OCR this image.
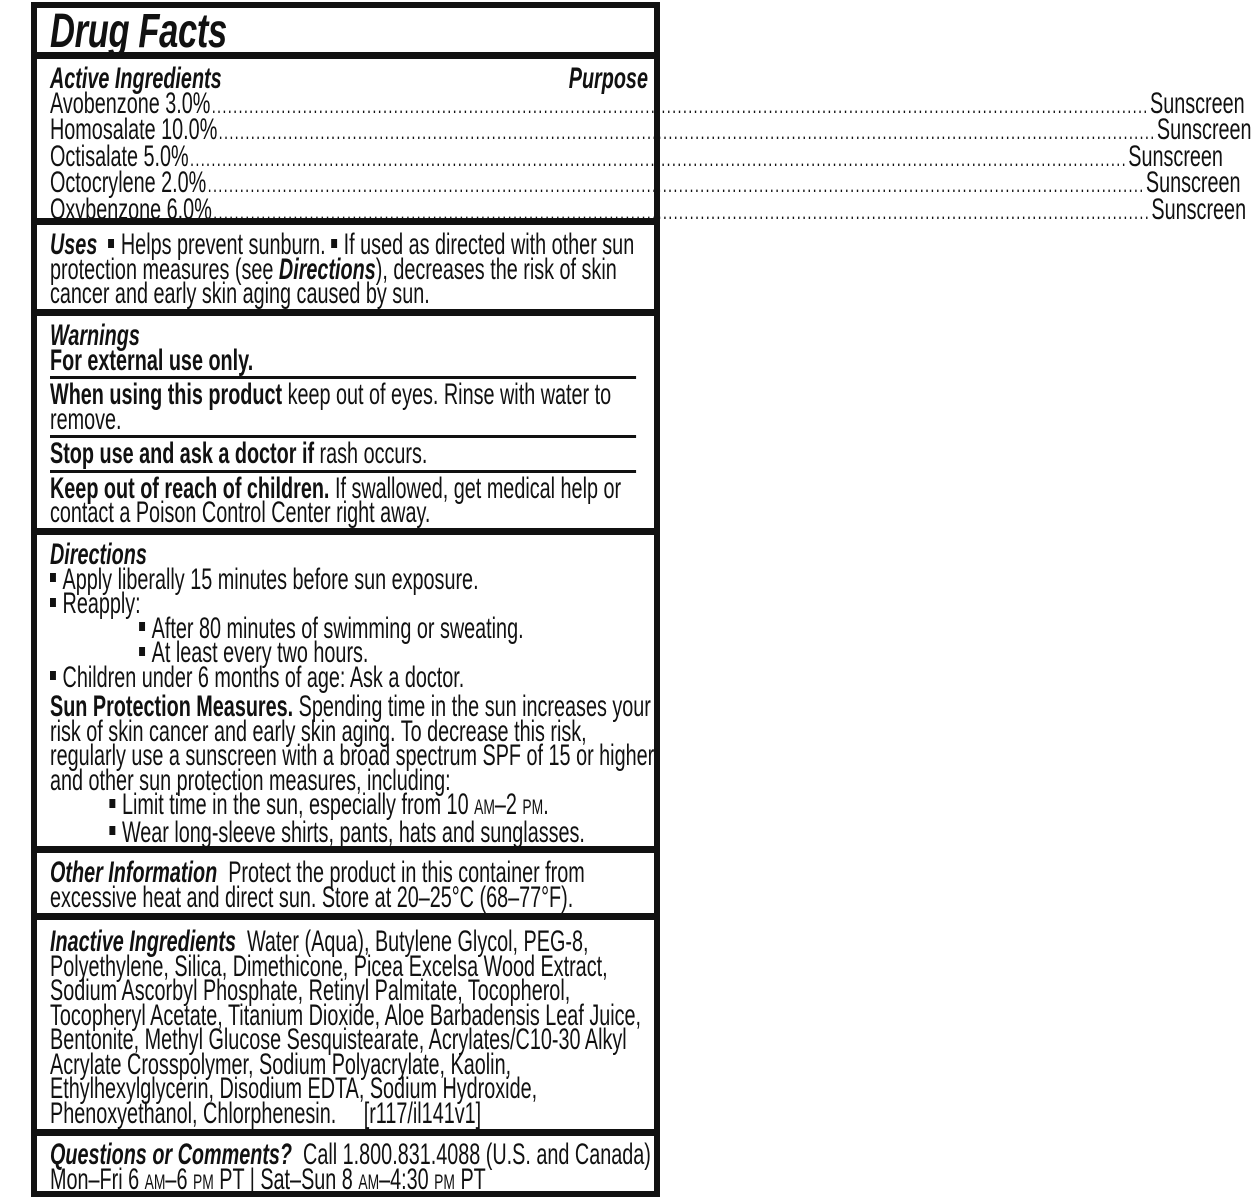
Drug Facts
Active Ingredients	Purpose
Avobenzone 3.0% ............................................................................................................................................................................... Sunscreen
Homosalate 10.0% ............................................................................................................................................................................... Sunscreen
Octisalate 5.0% ............................................................................................................................................................................... Sunscreen
Octocrylene 2.0% ............................................................................................................................................................................... Sunscreen
Oxybenzone 6.0% ............................................................................................................................................................................... Sunscreen
Uses Helps prevent sunburn. If used as directed with other sun
protection measures (see Directions), decreases the risk of skin
cancer and early skin aging caused by sun.
Warnings
For external use only.
When using this product keep out of eyes. Rinse with water to
remove.
Stop use and ask a doctor if rash occurs.
Keep out of reach of children. If swallowed, get medical help or
contact a Poison Control Center right away.
Directions
Apply liberally 15 minutes before sun exposure.
Reapply:
After 80 minutes of swimming or sweating.
At least every two hours.
Children under 6 months of age: Ask a doctor.
Sun Protection Measures. Spending time in the sun increases your
risk of skin cancer and early skin aging. To decrease this risk,
regularly use a sunscreen with a broad spectrum SPF of 15 or higher
and other sun protection measures, including:
Limit time in the sun, especially from 10 AM–2 PM.
Wear long-sleeve shirts, pants, hats and sunglasses.
Other Information Protect the product in this container from
excessive heat and direct sun. Store at 20–25°C (68–77°F).
Inactive Ingredients Water (Aqua), Butylene Glycol, PEG-8,
Polyethylene, Silica, Dimethicone, Picea Excelsa Wood Extract,
Sodium Ascorbyl Phosphate, Retinyl Palmitate, Tocopherol,
Tocopheryl Acetate, Titanium Dioxide, Aloe Barbadensis Leaf Juice,
Bentonite, Methyl Glucose Sesquistearate, Acrylates/C10-30 Alkyl
Acrylate Crosspolymer, Sodium Polyacrylate, Kaolin,
Ethylhexylglycerin, Disodium EDTA, Sodium Hydroxide,
Phenoxyethanol, Chlorphenesin. [r117/il141v1]
Questions or Comments? Call 1.800.831.4088 (U.S. and Canada)
Mon–Fri 6 AM–6 PM PT | Sat–Sun 8 AM–4:30 PM PT
